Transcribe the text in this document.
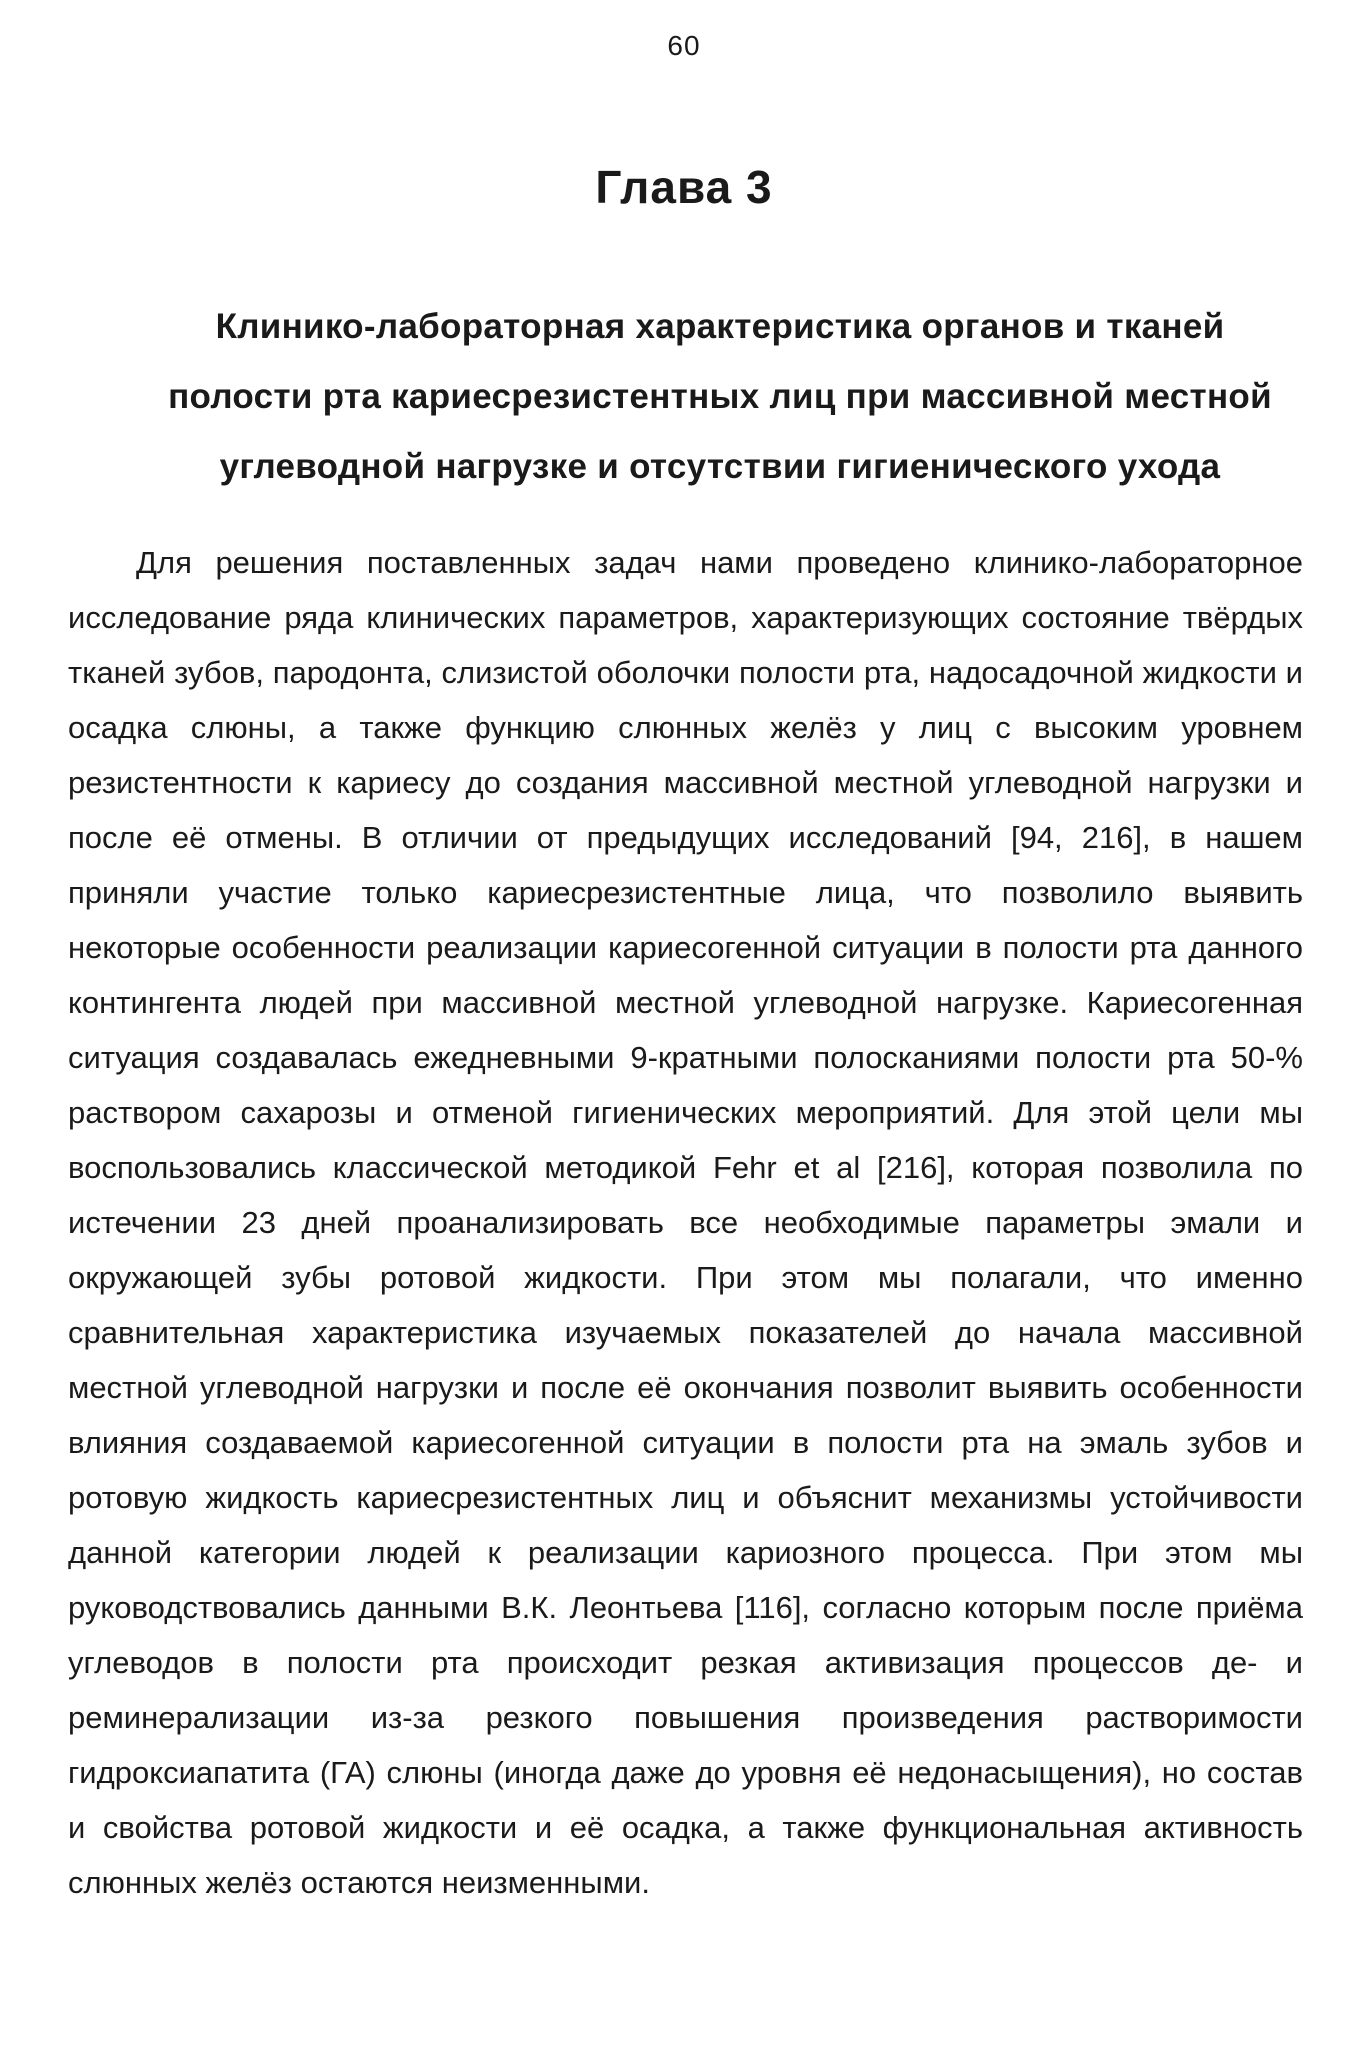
60
Глава 3
Клинико-лабораторная характеристика органов и тканей полости рта кариесрезистентных лиц при массивной местной углеводной нагрузке и отсутствии гигиенического ухода

Для решения поставленных задач нами проведено клинико-лабораторное исследование ряда клинических параметров, характеризующих состояние твёрдых тканей зубов, пародонта, слизистой оболочки полости рта, надосадочной жидкости и осадка слюны, а также функцию слюнных желёз у лиц с высоким уровнем резистентности к кариесу до создания массивной местной углеводной нагрузки и после её отмены. В отличии от предыдущих исследований [94, 216], в нашем приняли участие только кариесрезистентные лица, что позволило выявить некоторые особенности реализации кариесогенной ситуации в полости рта данного контингента людей при массивной местной углеводной нагрузке. Кариесогенная ситуация создавалась ежедневными 9-кратными полосканиями полости рта 50-% раствором сахарозы и отменой гигиенических мероприятий. Для этой цели мы воспользовались классической методикой Fehr et al [216], которая позволила по истечении 23 дней проанализировать все необходимые параметры эмали и окружающей зубы ротовой жидкости. При этом мы полагали, что именно сравнительная характеристика изучаемых показателей до начала массивной местной углеводной нагрузки и после её окончания позволит выявить особенности влияния создаваемой кариесогенной ситуации в полости рта на эмаль зубов и ротовую жидкость кариесрезистентных лиц и объяснит механизмы устойчивости данной категории людей к реализации кариозного процесса. При этом мы руководствовались данными В.К. Леонтьева [116], согласно которым после приёма углеводов в полости рта происходит резкая активизация процессов де- и реминерализации из-за резкого повышения произведения растворимости гидроксиапатита (ГА) слюны (иногда даже до уровня её недонасыщения), но состав и свойства ротовой жидкости и её осадка, а также функциональная активность слюнных желёз остаются неизменными.
